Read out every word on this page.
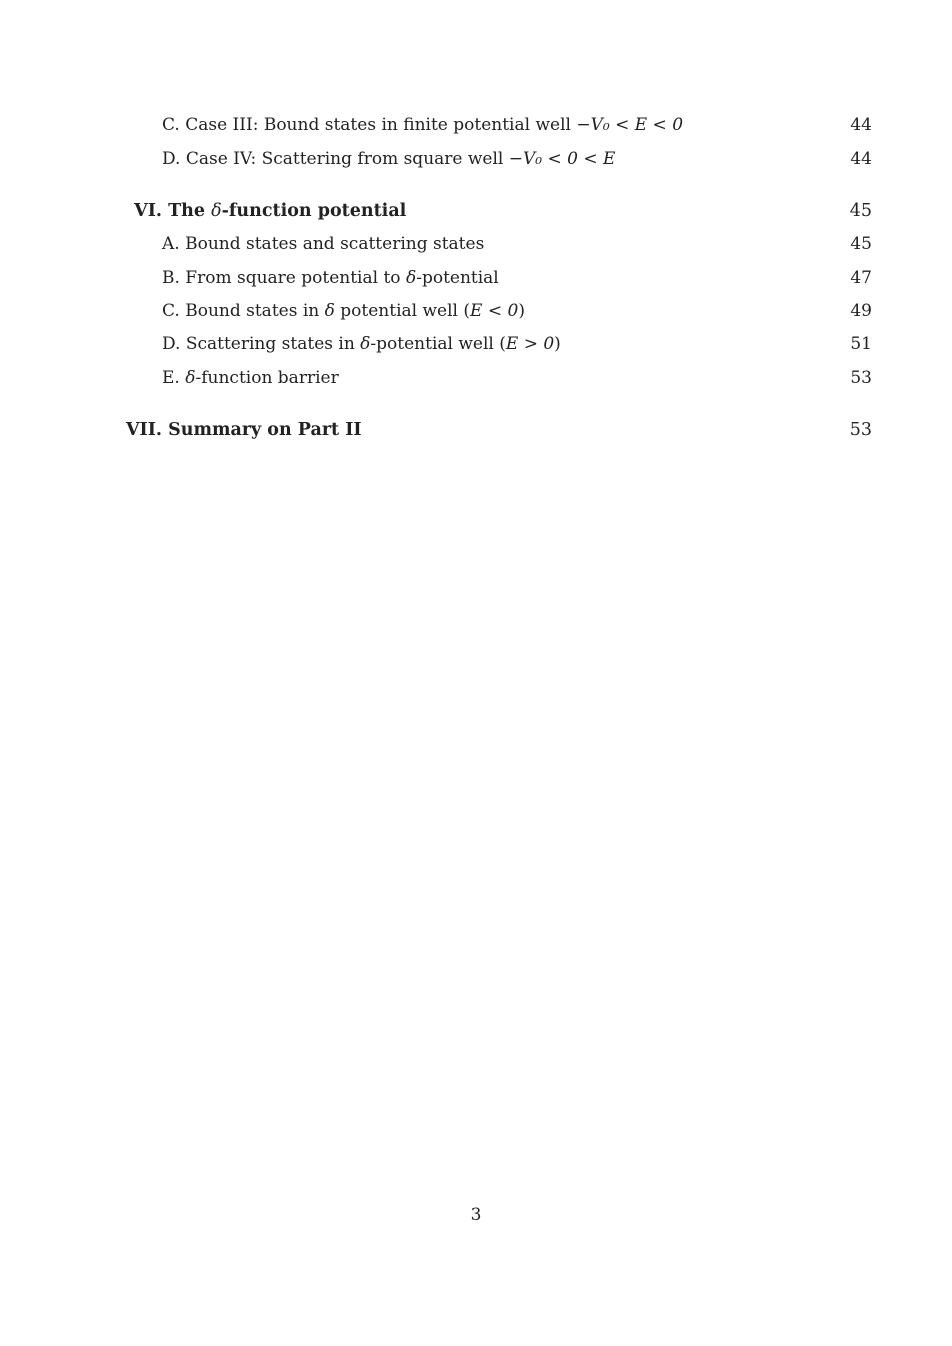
C. Case III: Bound states in finite potential well −V₀ < E < 0	44
D. Case IV: Scattering from square well −V₀ < 0 < E	44
VI. The δ-function potential	45
A. Bound states and scattering states	45
B. From square potential to δ-potential	47
C. Bound states in δ potential well (E < 0)	49
D. Scattering states in δ-potential well (E > 0)	51
E. δ-function barrier	53
VII. Summary on Part II	53
3
